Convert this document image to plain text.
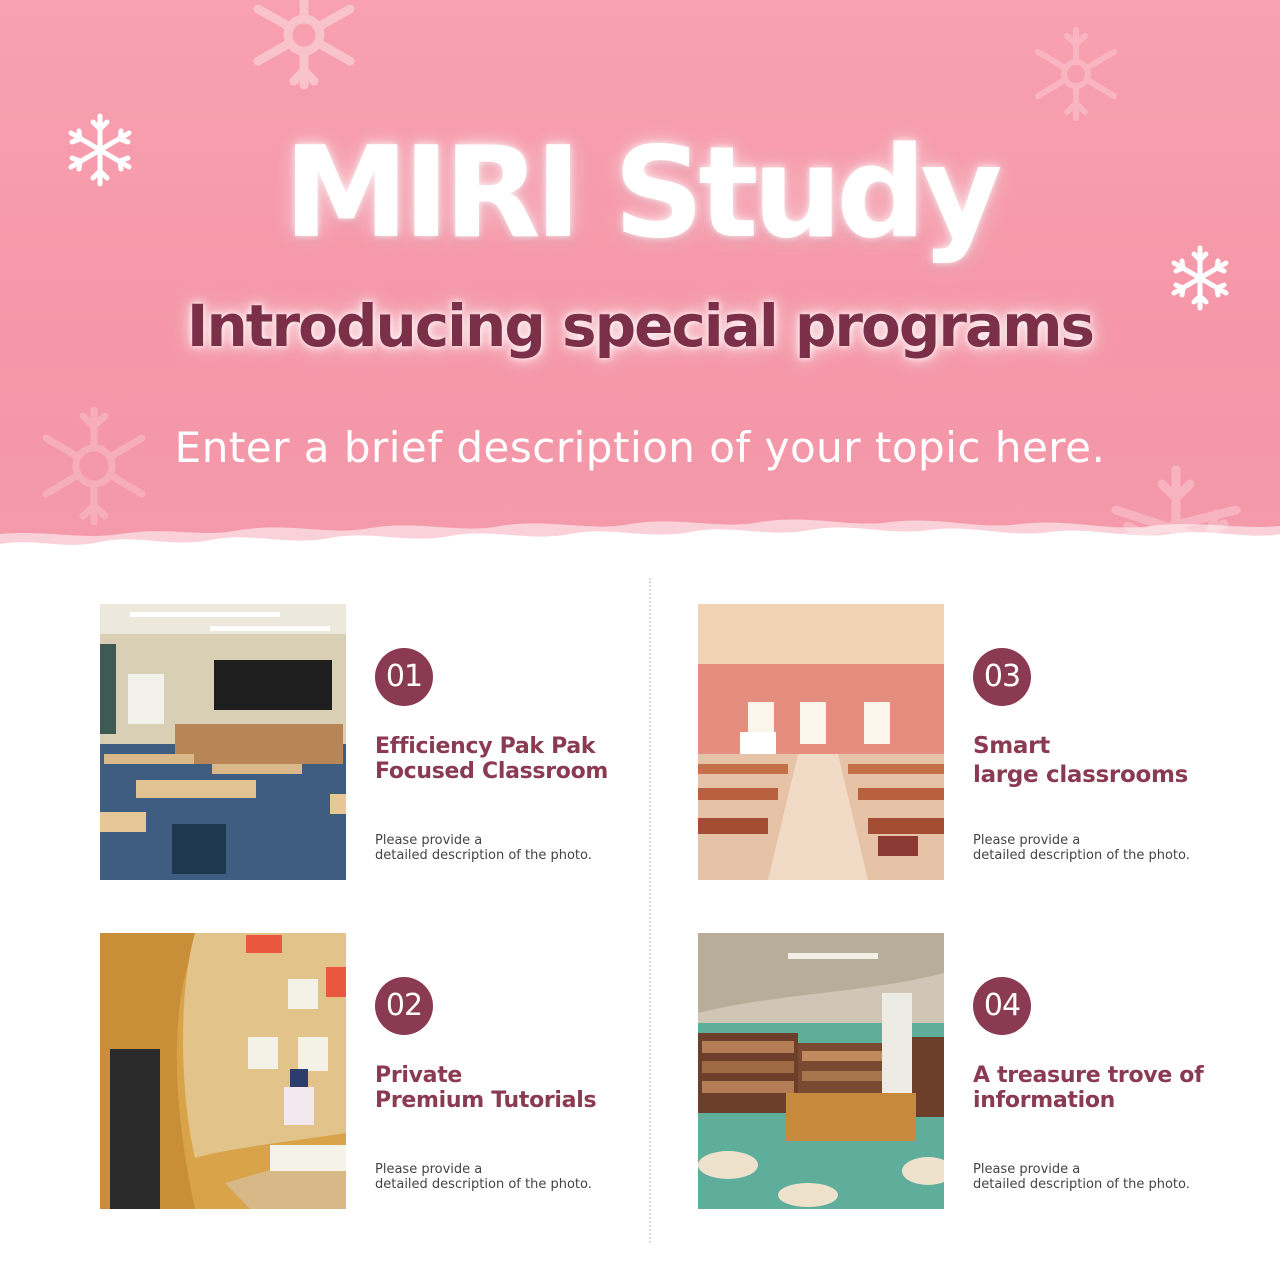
MIRI Study
Introducing special programs
Enter a brief description of your topic here.
01
Efficiency Pak Pak
Focused Classroom
Please provide a
detailed description of the photo.
02
Private
Premium Tutorials
Please provide a
detailed description of the photo.
03
Smart
large classrooms
Please provide a
detailed description of the photo.
04
A treasure trove of
information
Please provide a
detailed description of the photo.
